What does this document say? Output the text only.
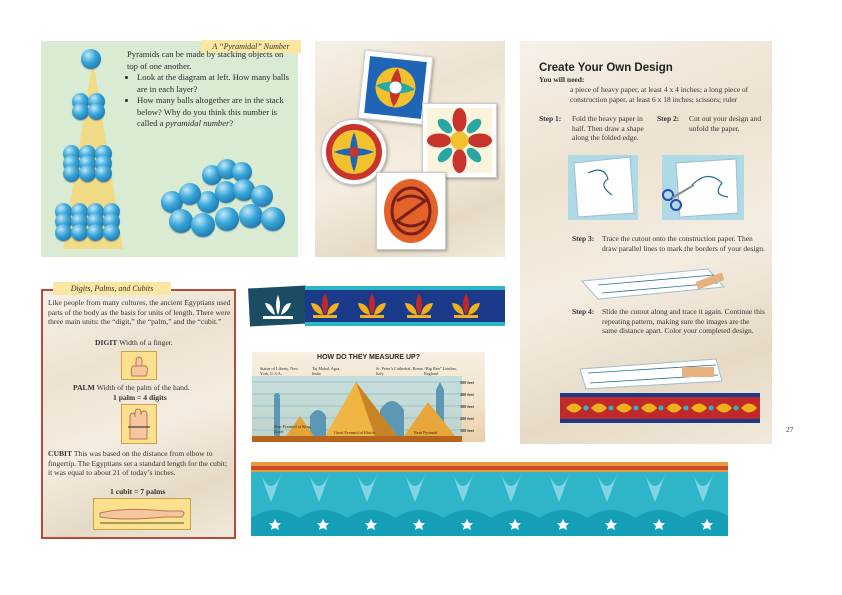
A “Pyramidal” Number

Pyramids can be made by stacking objects on top of one another.

• Look at the diagram at left. How many balls are in each layer?
• How many balls altogether are in the stack below? Why do you think this number is called a pyramidal number?
Create Your Own Design
You will need:
a piece of heavy paper, at least 4 x 4 inches; a long piece of construction paper, at least 6 x 18 inches; scissors; ruler
Step 1: Fold the heavy paper in half. Then draw a shape along the folded edge.
Step 2: Cut out your design and unfold the paper.
Step 3: Trace the cutout onto the construction paper. Then draw parallel lines to mark the borders of your design.
Step 4: Slide the cutout along and trace it again. Continue this repeating pattern, making sure the images are the same distance apart. Color your completed design.
27
Digits, Palms, and Cubits
Like people from many cultures, the ancient Egyptians used parts of the body as the basis for units of length. There were three main units: the “digit,” the “palm,” and the “cubit.”
DIGIT Width of a finger.
PALM Width of the palm of the hand.
1 palm = 4 digits
CUBIT This was based on the distance from elbow to fingertip. The Egyptians set a standard length for the cubit; it was equal to about 21 of today’s inches.
1 cubit = 7 palms
HOW DO THEY MEASURE UP?
Statue of Liberty, New York, U.S.A.
Taj Mahal, Agra, India
St. Peter’s Cathedral, Rome, Italy
“Big Ben” London, England
Step Pyramid of King Zoser	Great Pyramid of Khufu	Bent Pyramid
500 feet
400 feet
300 feet
200 feet
100 feet
